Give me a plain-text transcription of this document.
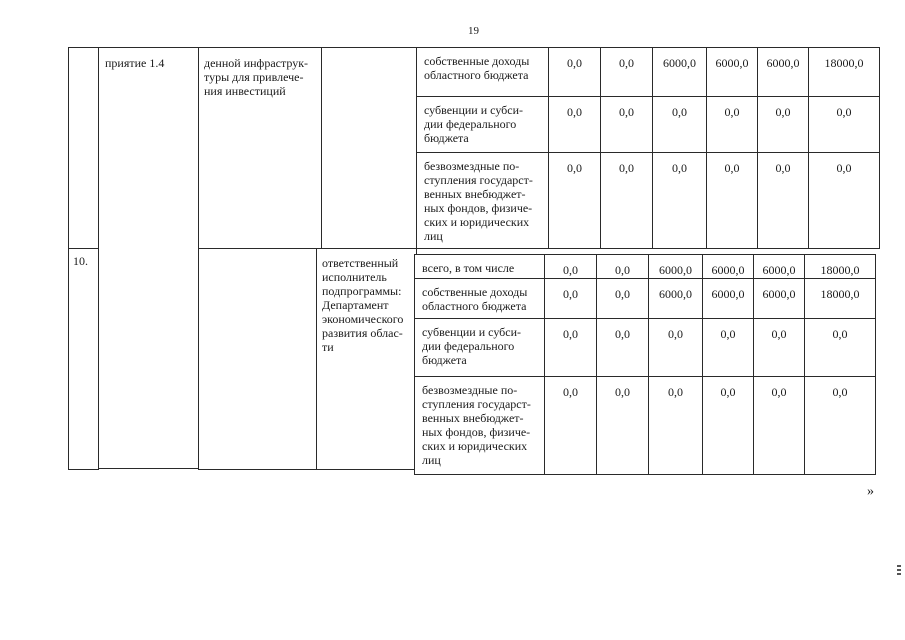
19
приятие 1.4	денной инфраструк-
туры для привлече-
ния инвестиций
10.	ответственный
исполнитель
подпрограммы:
Департамент
экономического
развития облас-
ти
собственные доходы
областного бюджета
0,0	0,0	6000,0	6000,0	6000,0	18000,0
субвенции и субси-
дии федерального
бюджета
0,0	0,0	0,0	0,0	0,0	0,0
безвозмездные по-
ступления государст-
венных внебюджет-
ных фондов, физиче-
ских и юридических
лиц
0,0	0,0	0,0	0,0	0,0	0,0
всего, в том числе	0,0	0,0	6000,0	6000,0	6000,0	18000,0
собственные доходы
областного бюджета
0,0	0,0	6000,0	6000,0	6000,0	18000,0
субвенции и субси-
дии федерального
бюджета
0,0	0,0	0,0	0,0	0,0	0,0
безвозмездные по-
ступления государст-
венных внебюджет-
ных фондов, физиче-
ских и юридических
лиц
0,0	0,0	0,0	0,0	0,0	0,0
»
